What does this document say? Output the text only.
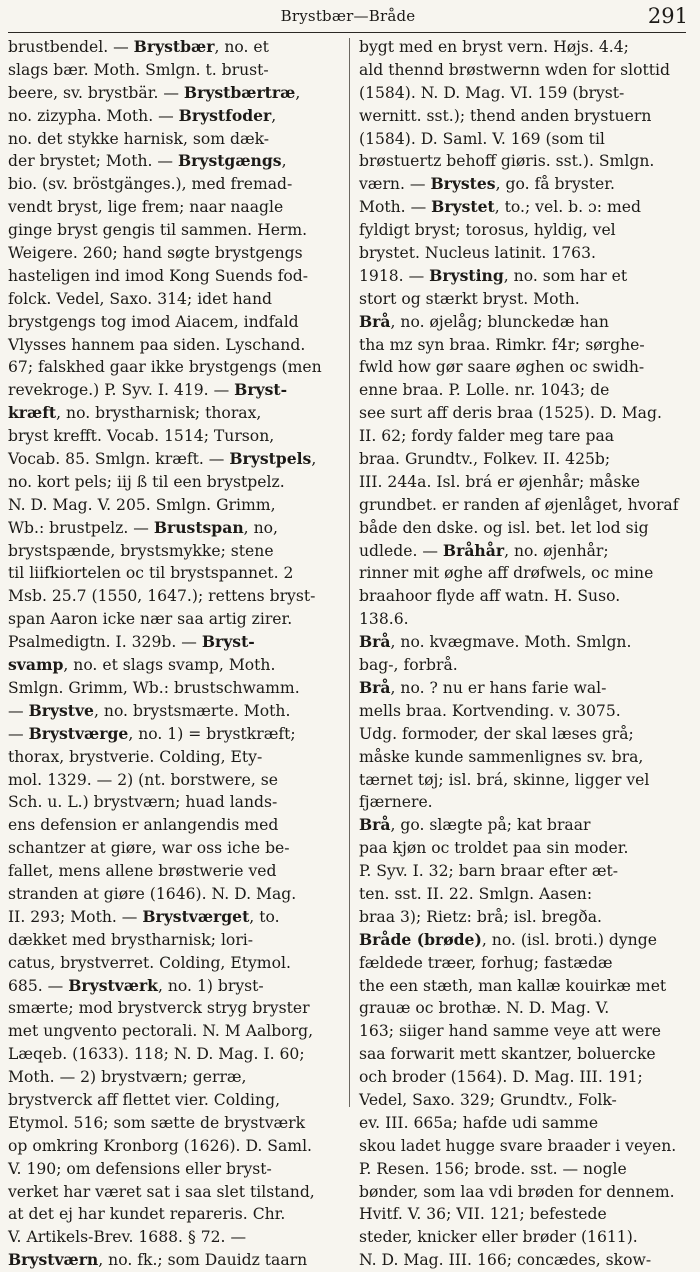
Brystbær—Bråde	291
brustbendel. — Brystbær, no. et
slags bær. Moth. Smlgn. t. brust-
beere, sv. brystbär. — Brystbærtræ,
no. zizypha. Moth. — Brystfoder,
no. det stykke harnisk, som dæk-
der brystet; Moth. — Brystgængs,
bio. (sv. bröstgänges.), med fremad-
vendt bryst, lige frem; naar naagle
ginge bryst gengis til sammen. Herm.
Weigere. 260; hand søgte brystgengs
hasteligen ind imod Kong Suends fod-
folck. Vedel, Saxo. 314; idet hand
brystgengs tog imod Aiacem, indfald
Vlysses hannem paa siden. Lyschand.
67; falskhed gaar ikke brystgengs (men
revekroge.) P. Syv. I. 419. — Bryst-
kræft, no. brystharnisk; thorax,
bryst krefft. Vocab. 1514; Turson,
Vocab. 85. Smlgn. kræft. — Brystpels,
no. kort pels; iij ß til een brystpelz.
N. D. Mag. V. 205. Smlgn. Grimm,
Wb.: brustpelz. — Brustspan, no,
brystspænde, brystsmykke; stene
til liifkiortelen oc til brystspannet. 2
Msb. 25.7 (1550, 1647.); rettens bryst-
span Aaron icke nær saa artig zirer.
Psalmedigtn. I. 329b. — Bryst-
svamp, no. et slags svamp, Moth.
Smlgn. Grimm, Wb.: brustschwamm.
— Brystve, no. brystsmærte. Moth.
— Brystværge, no. 1) = brystkræft;
thorax, brystverie. Colding, Ety-
mol. 1329. — 2) (nt. borstwere, se
Sch. u. L.) brystværn; huad lands-
ens defension er anlangendis med
schantzer at giøre, war oss iche be-
fallet, mens allene brøstwerie ved
stranden at giøre (1646). N. D. Mag.
II. 293; Moth. — Brystværget, to.
dækket med brystharnisk; lori-
catus, brystverret. Colding, Etymol.
685. — Brystværk, no. 1) bryst-
smærte; mod brystverck stryg bryster
met ungvento pectorali. N. M Aalborg,
Læqeb. (1633). 118; N. D. Mag. I. 60;
Moth. — 2) brystværn; gerræ,
brystverck aff flettet vier. Colding,
Etymol. 516; som sætte de brystværk
op omkring Kronborg (1626). D. Saml.
V. 190; om defensions eller bryst-
verket har været sat i saa slet tilstand,
at det ej har kundet repareris. Chr.
V. Artikels-Brev. 1688. § 72. —
Brystværn, no. fk.; som Dauidz taarn
bygt med en bryst vern. Højs. 4.4;
ald thennd brøstwernn wden for slottid
(1584). N. D. Mag. VI. 159 (bryst-
wernitt. sst.); thend anden brystuern
(1584). D. Saml. V. 169 (som til
brøstuertz behoff giøris. sst.). Smlgn.
værn. — Brystes, go. få bryster.
Moth. — Brystet, to.; vel. b. ɔ: med
fyldigt bryst; torosus, hyldig, vel
brystet. Nucleus latinit. 1763.
1918. — Brysting, no. som har et
stort og stærkt bryst. Moth.
Brå, no. øjelåg; blunckedæ han
tha mz syn braa. Rimkr. f4r; sørghe-
fwld how gør saare øghen oc swidh-
enne braa. P. Lolle. nr. 1043; de
see surt aff deris braa (1525). D. Mag.
II. 62; fordy falder meg tare paa
braa. Grundtv., Folkev. II. 425b;
III. 244a. Isl. brá er øjenhår; måske
grundbet. er randen af øjenlåget, hvoraf
både den dske. og isl. bet. let lod sig
udlede. — Bråhår, no. øjenhår;
rinner mit øghe aff drøfwels, oc mine
braahoor flyde aff watn. H. Suso.
138.6.
Brå, no. kvægmave. Moth. Smlgn.
bag-, forbrå.
Brå, no. ? nu er hans farie wal-
mells braa. Kortvending. v. 3075.
Udg. formoder, der skal læses grå;
måske kunde sammenlignes sv. bra,
tærnet tøj; isl. brá, skinne, ligger vel
fjærnere.
Brå, go. slægte på; kat braar
paa kjøn oc troldet paa sin moder.
P. Syv. I. 32; barn braar efter æt-
ten. sst. II. 22. Smlgn. Aasen:
braa 3); Rietz: brå; isl. bregða.
Bråde (brøde), no. (isl. broti.) dynge
fældede træer, forhug; fastædæ
the een stæth, man kallæ kouirkæ met
grauæ oc brothæ. N. D. Mag. V.
163; siiger hand samme veye att were
saa forwarit mett skantzer, boluercke
och broder (1564). D. Mag. III. 191;
Vedel, Saxo. 329; Grundtv., Folk-
ev. III. 665a; hafde udi samme
skou ladet hugge svare braader i veyen.
P. Resen. 156; brode. sst. — nogle
bønder, som laa vdi brøden for dennem.
Hvitf. V. 36; VII. 121; befestede
steder, knicker eller brøder (1611).
N. D. Mag. III. 166; concædes, skow-
